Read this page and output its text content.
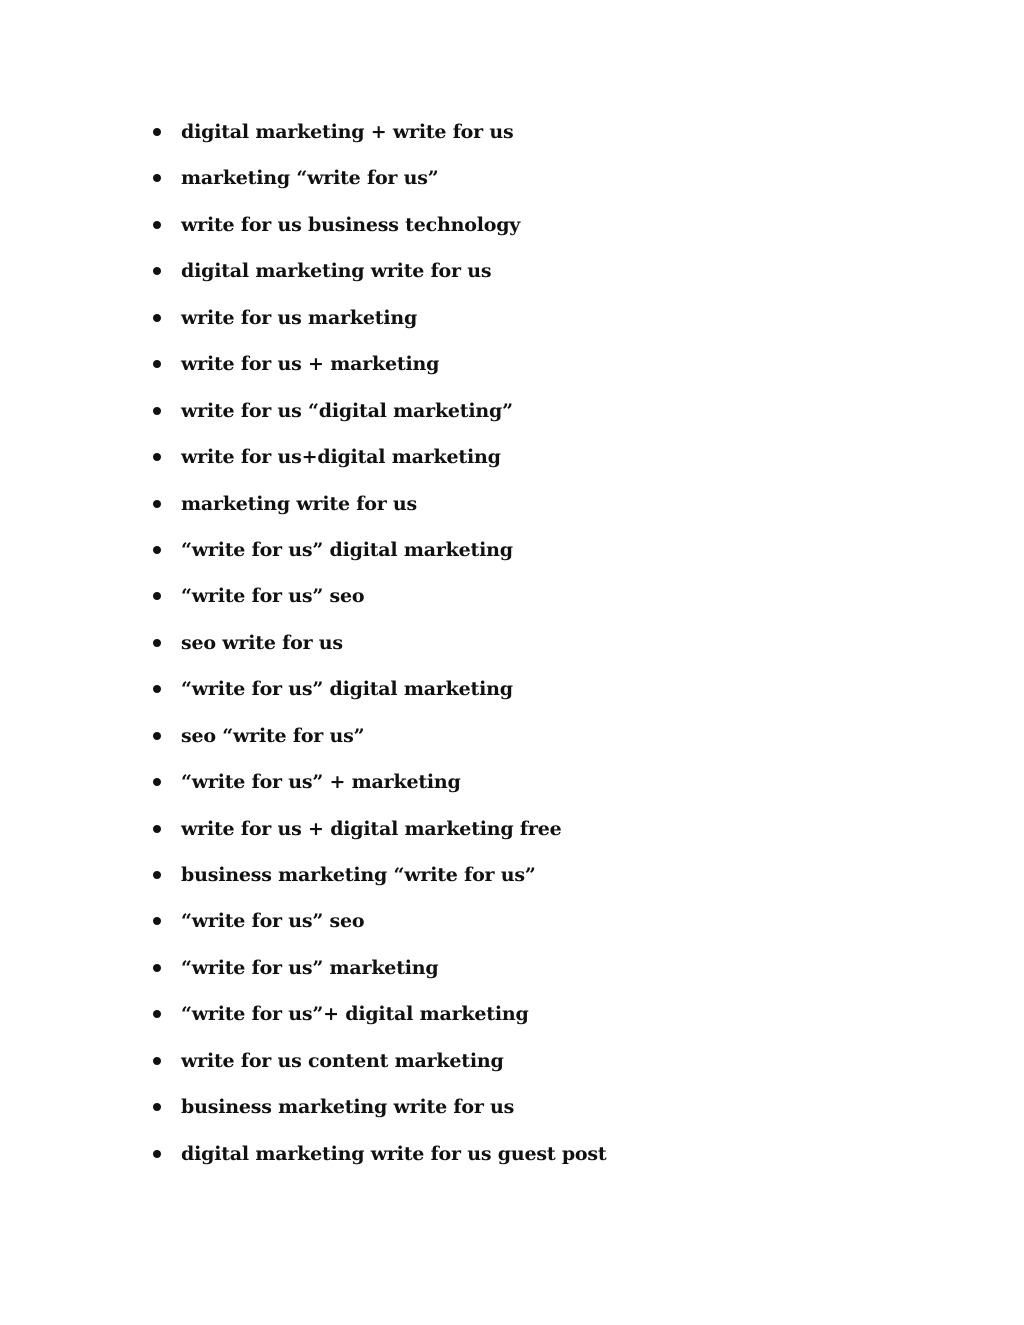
digital marketing + write for us
marketing “write for us”
write for us business technology
digital marketing write for us
write for us marketing
write for us + marketing
write for us “digital marketing”
write for us+digital marketing
marketing write for us
“write for us” digital marketing
“write for us” seo
seo write for us
“write for us” digital marketing
seo “write for us”
“write for us” + marketing
write for us + digital marketing free
business marketing “write for us”
“write for us” seo
“write for us” marketing
“write for us”+ digital marketing
write for us content marketing
business marketing write for us
digital marketing write for us guest post
